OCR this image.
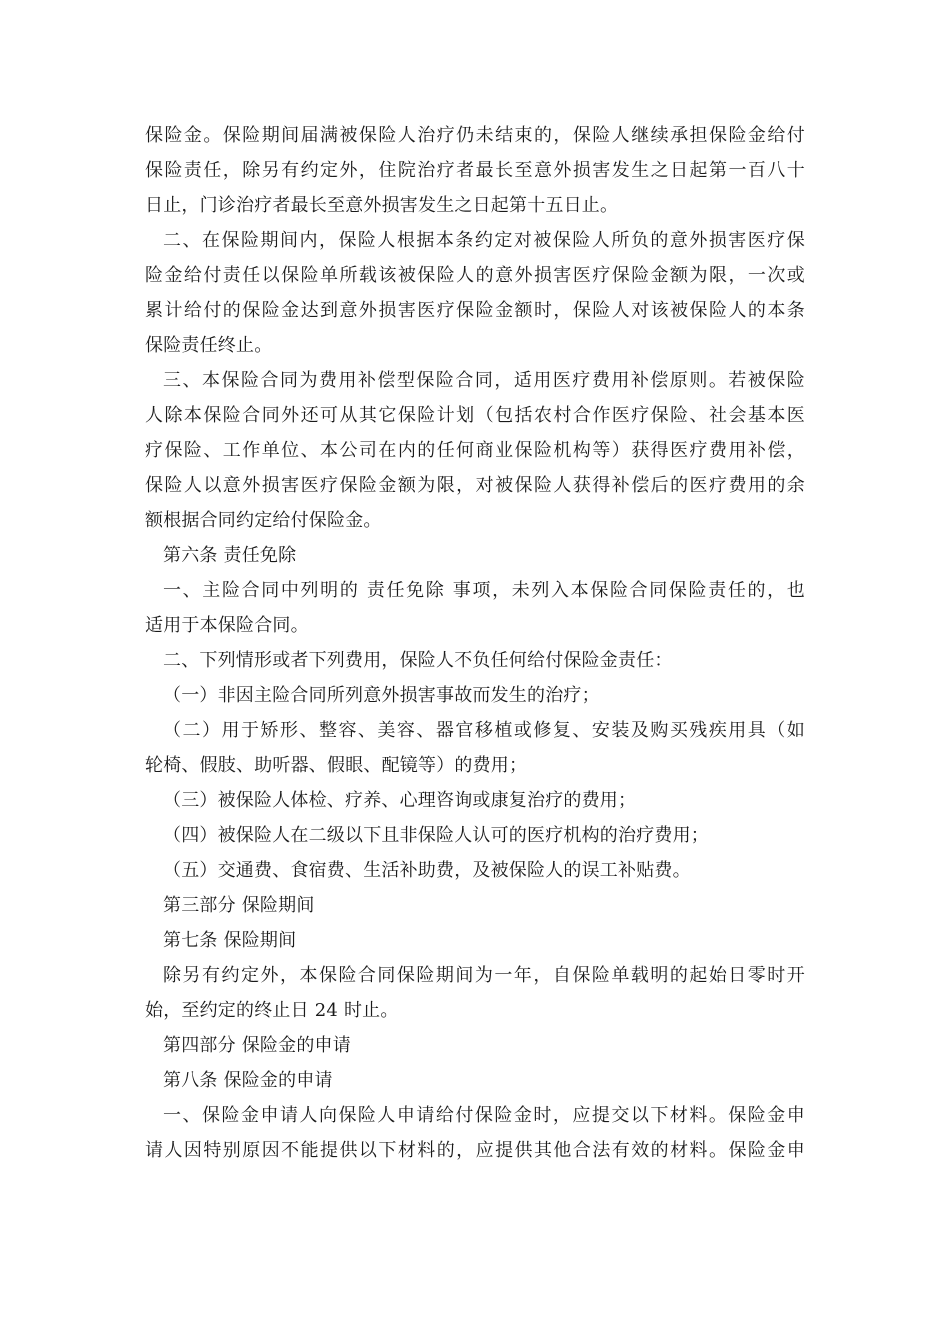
保险金。保险期间届满被保险人治疗仍未结束的，保险人继续承担保险金给付
保险责任，除另有约定外，住院治疗者最长至意外损害发生之日起第一百八十
日止，门诊治疗者最长至意外损害发生之日起第十五日止。
二、在保险期间内，保险人根据本条约定对被保险人所负的意外损害医疗保
险金给付责任以保险单所载该被保险人的意外损害医疗保险金额为限，一次或
累计给付的保险金达到意外损害医疗保险金额时，保险人对该被保险人的本条
保险责任终止。
三、本保险合同为费用补偿型保险合同，适用医疗费用补偿原则。若被保险
人除本保险合同外还可从其它保险计划（包括农村合作医疗保险、社会基本医
疗保险、工作单位、本公司在内的任何商业保险机构等）获得医疗费用补偿，
保险人以意外损害医疗保险金额为限，对被保险人获得补偿后的医疗费用的余
额根据合同约定给付保险金。
第六条 责任免除
一、主险合同中列明的 责任免除 事项，未列入本保险合同保险责任的，也
适用于本保险合同。
二、下列情形或者下列费用，保险人不负任何给付保险金责任：
（一）非因主险合同所列意外损害事故而发生的治疗；
（二）用于矫形、整容、美容、器官移植或修复、安装及购买残疾用具（如
轮椅、假肢、助听器、假眼、配镜等）的费用；
（三）被保险人体检、疗养、心理咨询或康复治疗的费用；
（四）被保险人在二级以下且非保险人认可的医疗机构的治疗费用；
（五）交通费、食宿费、生活补助费，及被保险人的误工补贴费。
第三部分 保险期间
第七条 保险期间
除另有约定外，本保险合同保险期间为一年，自保险单载明的起始日零时开
始，至约定的终止日 24 时止。
第四部分 保险金的申请
第八条 保险金的申请
一、保险金申请人向保险人申请给付保险金时，应提交以下材料。保险金申
请人因特别原因不能提供以下材料的，应提供其他合法有效的材料。保险金申
